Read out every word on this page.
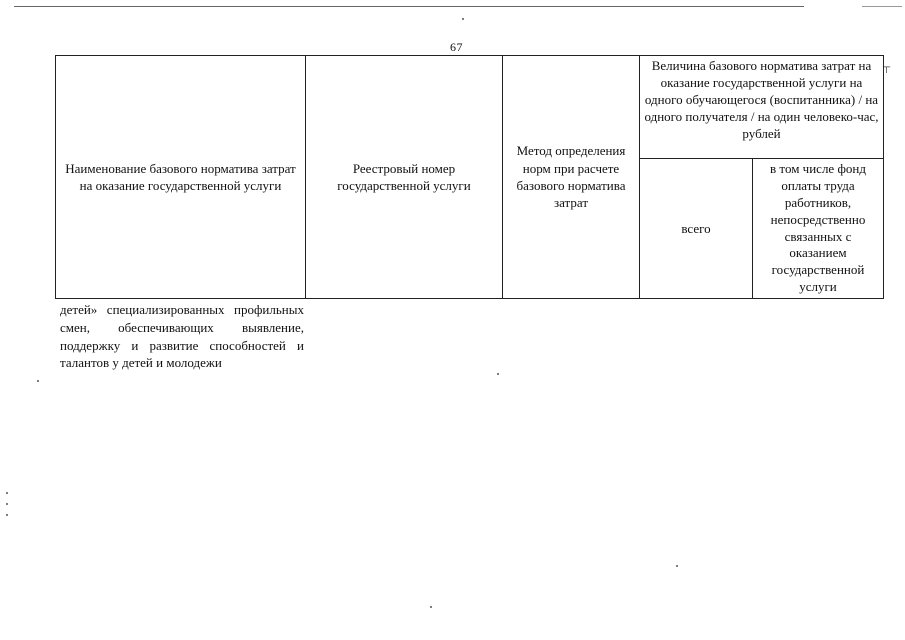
┬
67
Наименование базового норматива затрат на оказание государственной услуги	Реестровый номер государственной услуги	Метод определения норм при расчете базового норматива затрат	Величина базового норматива затрат на оказание государственной услуги на одного обучающегося (воспитанника) / на одного получателя / на один человеко-час, рублей	
			всего	в том числе фонд оплаты труда работников, непосредственно связанных с оказанием государственной услуги
детей» специализированных профильных смен, обеспечивающих выявление, поддержку и развитие способностей и талантов у детей и молодежи
